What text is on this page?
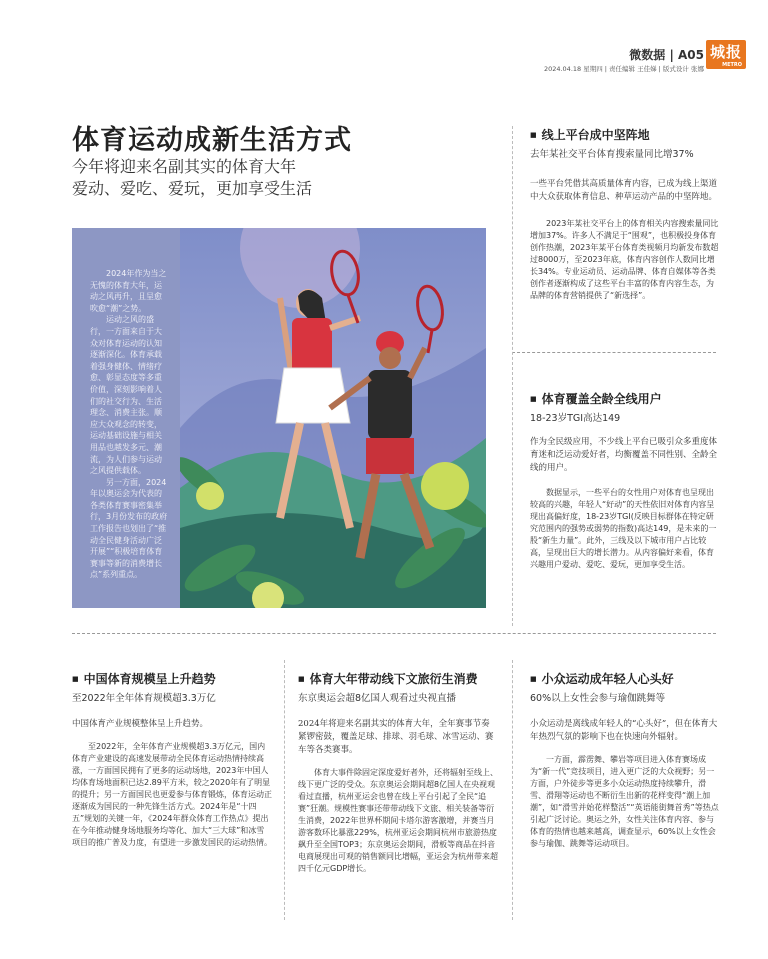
微数据 | A05 城报
METRO
2024.04.18 星期四 | 责任编辑 王佳娣 | 版式设计 张娜
体育运动成新生活方式
今年将迎来名副其实的体育大年
爱动、爱吃、爱玩，更加享受生活

2024年作为当之无愧的体育大年，运动之风再升，且呈愈吹愈“潮”之势。

运动之风的盛行，一方面来自于大众对体育运动的认知逐渐深化。体育承载着强身健体、情绪疗愈、彰显态度等多重价值，深刻影响着人们的社交行为、生活理念、消费主张。顺应大众观念的转变，运动基础设施与相关用品也越发多元、潮流，为人们参与运动之风提供载体。

另一方面，2024年以奥运会为代表的各类体育赛事密集举行，3月份发布的政府工作报告也划出了“推动全民健身活动广泛开展”“积极培育体育赛事等新的消费增长点”系列重点。

■ 线上平台成中坚阵地
去年某社交平台体育搜索量同比增37%
一些平台凭借其高质量体育内容，已成为线上渠道中大众获取体育信息、种草运动产品的中坚阵地。
2023年某社交平台上的体育相关内容搜索量同比增加37%。许多人不满足于“围观”，也积极投身体育创作热潮，2023年某平台体育类视频月均新发布数超过8000万，至2023年底，体育内容创作人数同比增长34%。专业运动员、运动品牌、体育自媒体等各类创作者逐渐构成了这些平台丰富的体育内容生态，为品牌的体育营销提供了“新选择”。
■ 体育覆盖全龄全线用户
18-23岁TGI高达149
作为全民级应用，不少线上平台已吸引众多重度体育迷和泛运动爱好者，均衡覆盖不同性别、全龄全线的用户。
数据显示，一些平台的女性用户对体育也呈现出较高的兴趣，年轻人“好动”的天性依旧对体育内容呈现出高偏好度，18-23岁TGI(反映目标群体在特定研究范围内的强势或弱势的指数)高达149，是未来的一股“新生力量”。此外，三线及以下城市用户占比较高，呈现出巨大的增长潜力。从内容偏好来看，体育兴趣用户爱动、爱吃、爱玩，更加享受生活。
■ 中国体育规模呈上升趋势
至2022年全年体育规模超3.3万亿
中国体育产业规模整体呈上升趋势。
至2022年，全年体育产业规模超3.3万亿元，国内体育产业建设的高速发展带动全民体育运动热情持续高涨，一方面国民拥有了更多的运动场地，2023年中国人均体育场地面积已达2.89平方米，较之2020年有了明显的提升；另一方面国民也更爱参与体育锻炼，体育运动正逐渐成为国民的一种先锋生活方式。2024年是“十四五”规划的关键一年，《2024年群众体育工作热点》提出在今年推动健身场地服务均等化、加大“三大球”和冰雪项目的推广普及力度，有望进一步激发国民的运动热情。
■ 体育大年带动线下文旅衍生消费
东京奥运会超8亿国人观看过央视直播
2024年将迎来名副其实的体育大年，全年赛事节奏紧锣密鼓，覆盖足球、排球、羽毛球、冰雪运动、赛车等各类赛事。
体育大事件除固定深度爱好者外，还将辐射至线上、线下更广泛的受众。东京奥运会期间超8亿国人在央视观看过直播，杭州亚运会也曾在线上平台引起了全民“追赛”狂潮。规模性赛事还带带动线下文旅、相关装备等衍生消费，2022年世界杯期间卡塔尔游客激增，并赛当月游客数环比暴涨229%，杭州亚运会期间杭州市旅游热度飙升至全国TOP3；东京奥运会期间，滑板等商品在抖音电商展现出可观的销售额同比增幅，亚运会为杭州带来超四千亿元GDP增长。
■ 小众运动成年轻人心头好
60%以上女性会参与瑜伽跳舞等
小众运动是离线成年轻人的“心头好”，但在体育大年热烈气氛的影响下也在快速向外辐射。
一方面，霹雳舞、攀岩等项目进入体育赛场成为“新一代”竞技项目，进入更广泛的大众视野；另一方面，户外徒步等更多小众运动热度持续攀升，滑雪、滑翔等运动也不断衍生出新的花样变得“潮上加潮”，如“滑雪并始花样整活”“英语能街舞首秀”等热点引起广泛讨论。奥运之外，女性关注体育内容、参与体育的热情也越来越高，调查显示，60%以上女性会参与瑜伽、跳舞等运动项目。
